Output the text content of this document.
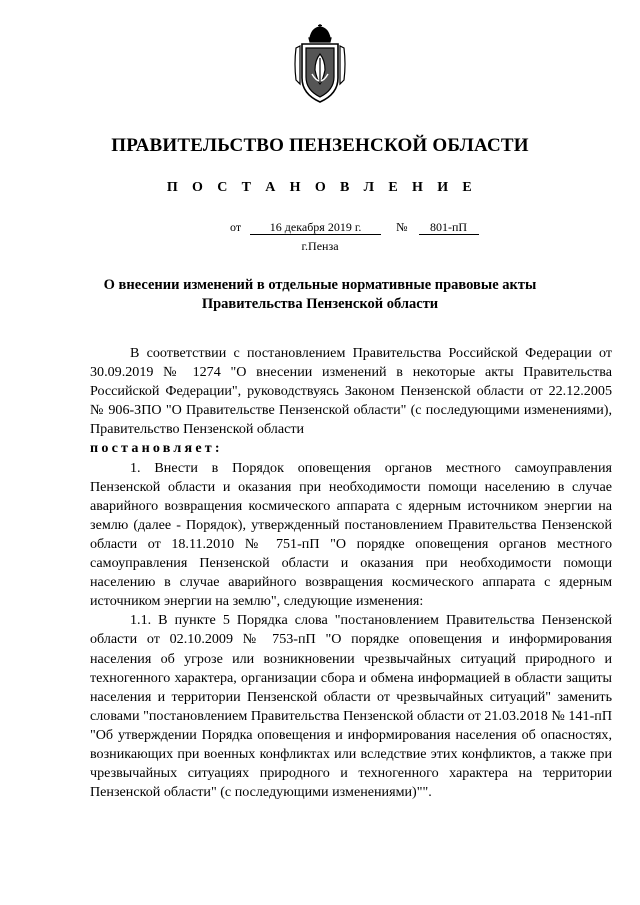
ПРАВИТЕЛЬСТВО ПЕНЗЕНСКОЙ ОБЛАСТИ
П О С Т А Н О В Л Е Н И Е
от 16 декабря 2019 г.	№ 801-пП
г.Пенза
О внесении изменений в отдельные нормативные правовые акты
Правительства Пензенской области

В соответствии с постановлением Правительства Российской Федерации от 30.09.2019 № 1274 "О внесении изменений в некоторые акты Правительства Российской Федерации", руководствуясь Законом Пензенской области от 22.12.2005 № 906-ЗПО "О Правительстве Пензенской области" (с последующими изменениями), Правительство Пензенской области

постановляет:

1. Внести в Порядок оповещения органов местного самоуправления Пензенской области и оказания при необходимости помощи населению в случае аварийного возвращения космического аппарата с ядерным источником энергии на землю (далее - Порядок), утвержденный постановлением Правительства Пензенской области от 18.11.2010 № 751-пП "О порядке оповещения органов местного самоуправления Пензенской области и оказания при необходимости помощи населению в случае аварийного возвращения космического аппарата с ядерным источником энергии на землю", следующие изменения:

1.1. В пункте 5 Порядка слова "постановлением Правительства Пензенской области от 02.10.2009 № 753-пП "О порядке оповещения и информирования населения об угрозе или возникновении чрезвычайных ситуаций природного и техногенного характера, организации сбора и обмена информацией в области защиты населения и территории Пензенской области от чрезвычайных ситуаций" заменить словами "постановлением Правительства Пензенской области от 21.03.2018 № 141-пП "Об утверждении Порядка оповещения и информирования населения об опасностях, возникающих при военных конфликтах или вследствие этих конфликтов, а также при чрезвычайных ситуациях природного и техногенного характера на территории Пензенской области" (с последующими изменениями)"".
